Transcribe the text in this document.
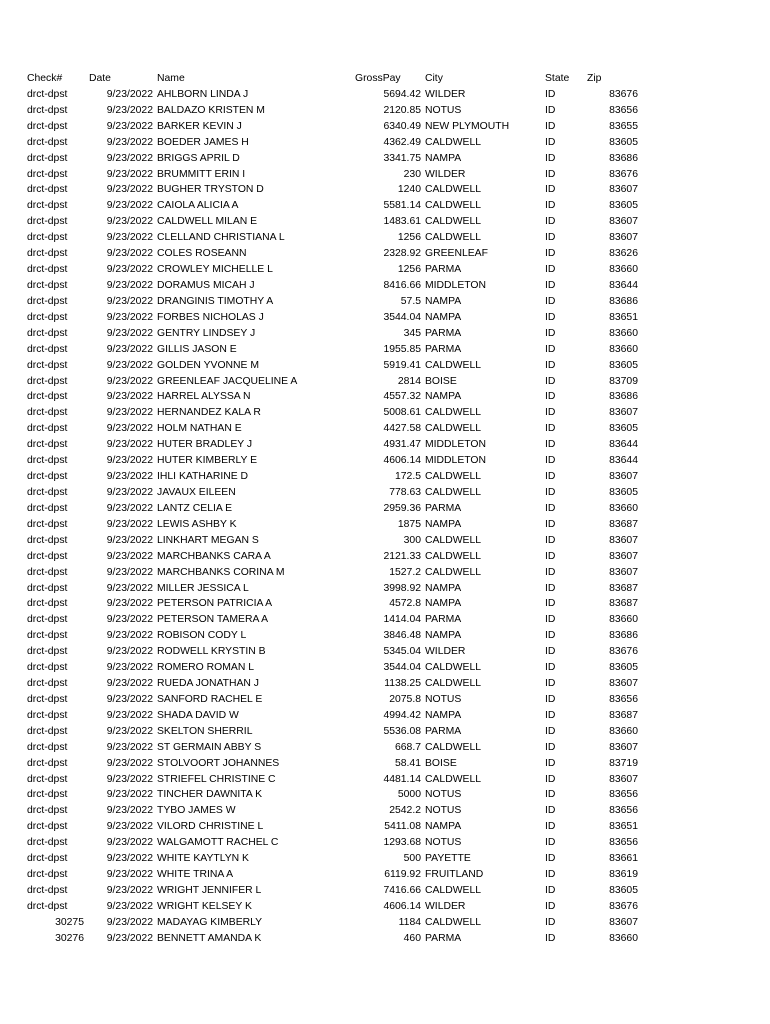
Check#	Date	Name	GrossPay City	State Zip
drct-dpst	9/23/2022 AHLBORN LINDA J	5694.42 WILDER	ID	83676
drct-dpst	9/23/2022 BALDAZO KRISTEN M	2120.85 NOTUS	ID	83656
drct-dpst	9/23/2022 BARKER KEVIN J	6340.49 NEW PLYMOUTH	ID	83655
drct-dpst	9/23/2022 BOEDER JAMES H	4362.49 CALDWELL	ID	83605
drct-dpst	9/23/2022 BRIGGS APRIL D	3341.75 NAMPA	ID	83686
drct-dpst	9/23/2022 BRUMMITT ERIN I	230 WILDER	ID	83676
drct-dpst	9/23/2022 BUGHER TRYSTON D	1240 CALDWELL	ID	83607
drct-dpst	9/23/2022 CAIOLA ALICIA A	5581.14 CALDWELL	ID	83605
drct-dpst	9/23/2022 CALDWELL MILAN E	1483.61 CALDWELL	ID	83607
drct-dpst	9/23/2022 CLELLAND CHRISTIANA L	1256 CALDWELL	ID	83607
drct-dpst	9/23/2022 COLES ROSEANN	2328.92 GREENLEAF	ID	83626
drct-dpst	9/23/2022 CROWLEY MICHELLE L	1256 PARMA	ID	83660
drct-dpst	9/23/2022 DORAMUS MICAH J	8416.66 MIDDLETON	ID	83644
drct-dpst	9/23/2022 DRANGINIS TIMOTHY A	57.5 NAMPA	ID	83686
drct-dpst	9/23/2022 FORBES NICHOLAS J	3544.04 NAMPA	ID	83651
drct-dpst	9/23/2022 GENTRY LINDSEY J	345 PARMA	ID	83660
drct-dpst	9/23/2022 GILLIS JASON E	1955.85 PARMA	ID	83660
drct-dpst	9/23/2022 GOLDEN YVONNE M	5919.41 CALDWELL	ID	83605
drct-dpst	9/23/2022 GREENLEAF JACQUELINE A	2814 BOISE	ID	83709
drct-dpst	9/23/2022 HARREL ALYSSA N	4557.32 NAMPA	ID	83686
drct-dpst	9/23/2022 HERNANDEZ KALA R	5008.61 CALDWELL	ID	83607
drct-dpst	9/23/2022 HOLM NATHAN E	4427.58 CALDWELL	ID	83605
drct-dpst	9/23/2022 HUTER BRADLEY J	4931.47 MIDDLETON	ID	83644
drct-dpst	9/23/2022 HUTER KIMBERLY E	4606.14 MIDDLETON	ID	83644
drct-dpst	9/23/2022 IHLI KATHARINE D	172.5 CALDWELL	ID	83607
drct-dpst	9/23/2022 JAVAUX EILEEN	778.63 CALDWELL	ID	83605
drct-dpst	9/23/2022 LANTZ CELIA E	2959.36 PARMA	ID	83660
drct-dpst	9/23/2022 LEWIS ASHBY K	1875 NAMPA	ID	83687
drct-dpst	9/23/2022 LINKHART MEGAN S	300 CALDWELL	ID	83607
drct-dpst	9/23/2022 MARCHBANKS CARA A	2121.33 CALDWELL	ID	83607
drct-dpst	9/23/2022 MARCHBANKS CORINA M	1527.2 CALDWELL	ID	83607
drct-dpst	9/23/2022 MILLER JESSICA L	3998.92 NAMPA	ID	83687
drct-dpst	9/23/2022 PETERSON PATRICIA A	4572.8 NAMPA	ID	83687
drct-dpst	9/23/2022 PETERSON TAMERA A	1414.04 PARMA	ID	83660
drct-dpst	9/23/2022 ROBISON CODY L	3846.48 NAMPA	ID	83686
drct-dpst	9/23/2022 RODWELL KRYSTIN B	5345.04 WILDER	ID	83676
drct-dpst	9/23/2022 ROMERO ROMAN L	3544.04 CALDWELL	ID	83605
drct-dpst	9/23/2022 RUEDA JONATHAN J	1138.25 CALDWELL	ID	83607
drct-dpst	9/23/2022 SANFORD RACHEL E	2075.8 NOTUS	ID	83656
drct-dpst	9/23/2022 SHADA DAVID W	4994.42 NAMPA	ID	83687
drct-dpst	9/23/2022 SKELTON SHERRIL	5536.08 PARMA	ID	83660
drct-dpst	9/23/2022 ST GERMAIN ABBY S	668.7 CALDWELL	ID	83607
drct-dpst	9/23/2022 STOLVOORT JOHANNES	58.41 BOISE	ID	83719
drct-dpst	9/23/2022 STRIEFEL CHRISTINE C	4481.14 CALDWELL	ID	83607
drct-dpst	9/23/2022 TINCHER DAWNITA K	5000 NOTUS	ID	83656
drct-dpst	9/23/2022 TYBO JAMES W	2542.2 NOTUS	ID	83656
drct-dpst	9/23/2022 VILORD CHRISTINE L	5411.08 NAMPA	ID	83651
drct-dpst	9/23/2022 WALGAMOTT RACHEL C	1293.68 NOTUS	ID	83656
drct-dpst	9/23/2022 WHITE KAYTLYN K	500 PAYETTE	ID	83661
drct-dpst	9/23/2022 WHITE TRINA A	6119.92 FRUITLAND	ID	83619
drct-dpst	9/23/2022 WRIGHT JENNIFER L	7416.66 CALDWELL	ID	83605
drct-dpst	9/23/2022 WRIGHT KELSEY K	4606.14 WILDER	ID	83676
30275	9/23/2022 MADAYAG KIMBERLY	1184 CALDWELL	ID	83607
30276	9/23/2022 BENNETT AMANDA K	460 PARMA	ID	83660
